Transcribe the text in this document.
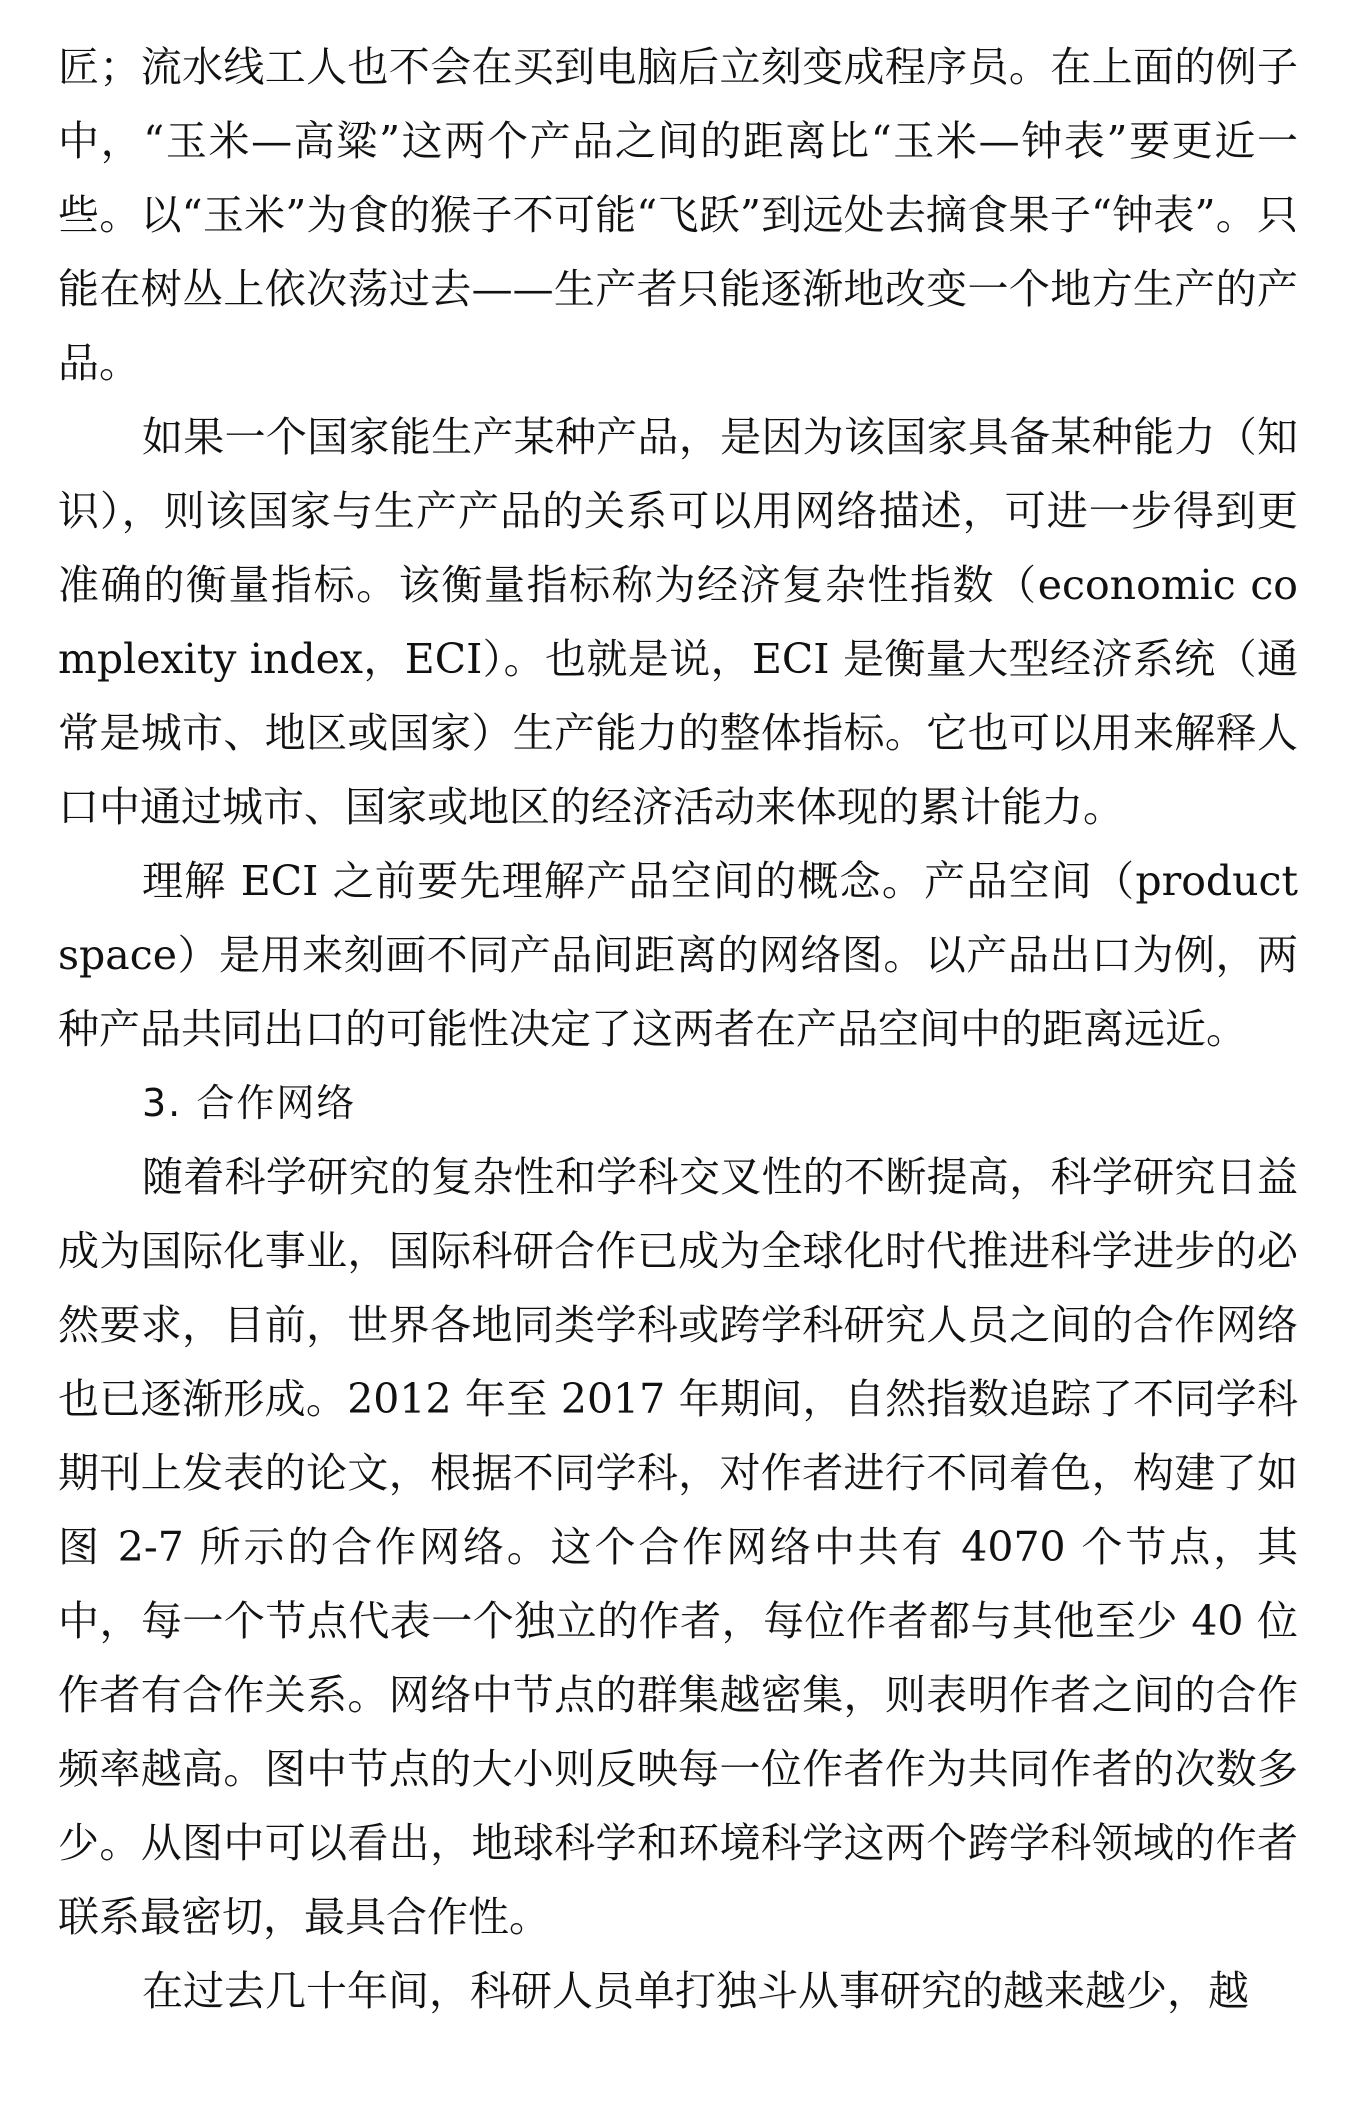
匠；流水线工人也不会在买到电脑后立刻变成程序员。在上面的例子中，“玉米—高粱”这两个产品之间的距离比“玉米—钟表”要更近一些。以“玉米”为食的猴子不可能“飞跃”到远处去摘食果子“钟表”。只能在树丛上依次荡过去——生产者只能逐渐地改变一个地方生产的产品。

如果一个国家能生产某种产品，是因为该国家具备某种能力（知识），则该国家与生产产品的关系可以用网络描述，可进一步得到更准确的衡量指标。该衡量指标称为经济复杂性指数（economic complexity index，ECI）。也就是说，ECI 是衡量大型经济系统（通常是城市、地区或国家）生产能力的整体指标。它也可以用来解释人口中通过城市、国家或地区的经济活动来体现的累计能力。

理解 ECI 之前要先理解产品空间的概念。产品空间（product space）是用来刻画不同产品间距离的网络图。以产品出口为例，两种产品共同出口的可能性决定了这两者在产品空间中的距离远近。

3. 合作网络

随着科学研究的复杂性和学科交叉性的不断提高，科学研究日益成为国际化事业，国际科研合作已成为全球化时代推进科学进步的必然要求，目前，世界各地同类学科或跨学科研究人员之间的合作网络也已逐渐形成。2012 年至 2017 年期间，自然指数追踪了不同学科期刊上发表的论文，根据不同学科，对作者进行不同着色，构建了如图 2-7 所示的合作网络。这个合作网络中共有 4070 个节点，其中，每一个节点代表一个独立的作者，每位作者都与其他至少 40 位作者有合作关系。网络中节点的群集越密集，则表明作者之间的合作频率越高。图中节点的大小则反映每一位作者作为共同作者的次数多少。从图中可以看出，地球科学和环境科学这两个跨学科领域的作者联系最密切，最具合作性。

在过去几十年间，科研人员单打独斗从事研究的越来越少，越
